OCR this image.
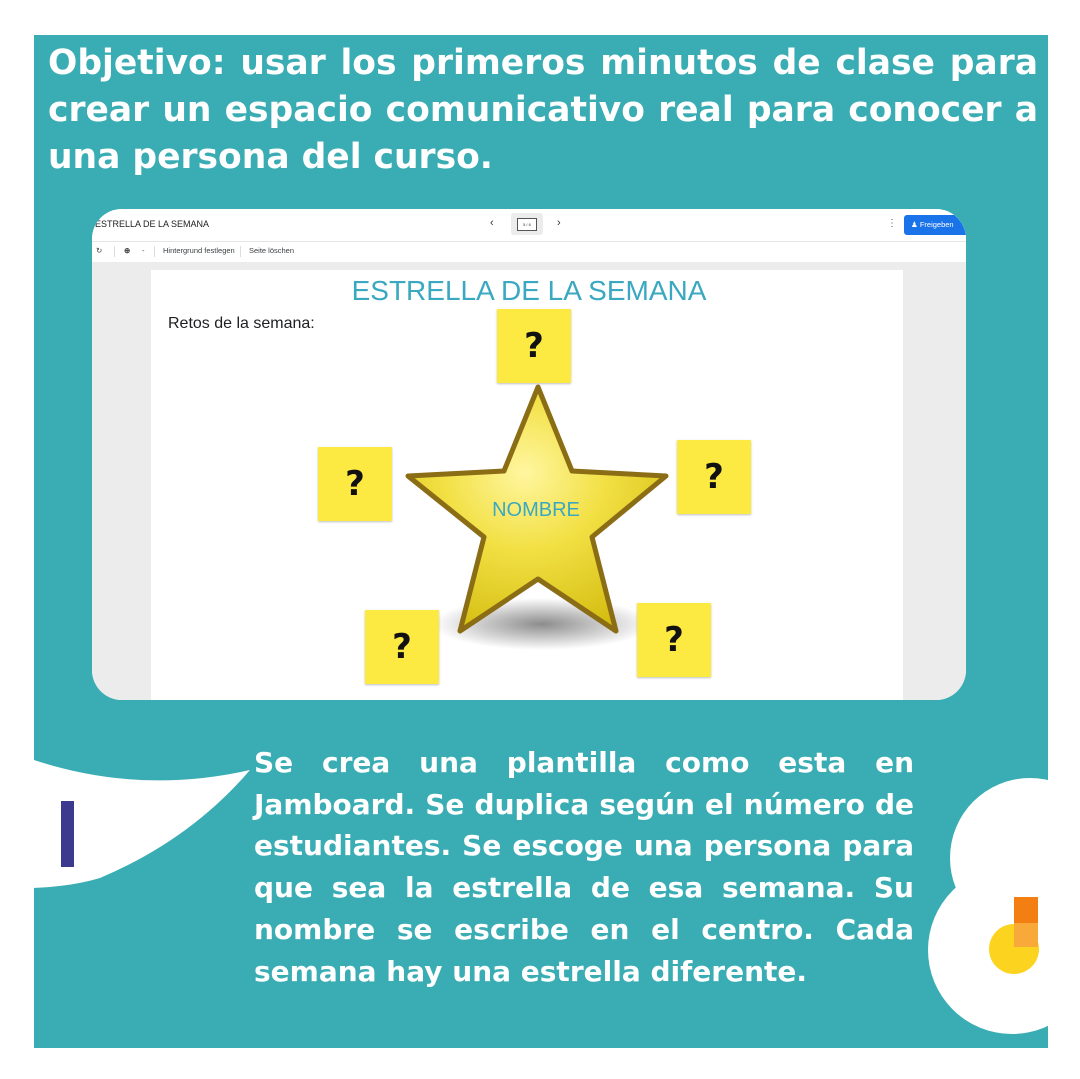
Objetivo: usar los primeros minutos de clase para crear un espacio comunicativo real para conocer a una persona del curso.
ESTRELLA DE LA SEMANA	‹	5 / 6	›	⋮	♟ Freigeben
↻	⊕ - Hintergrund festlegen Seite löschen
ESTRELLA DE LA SEMANA
Retos de la semana:
NOMBRE
?
?	?
?	?
Se crea una plantilla como esta en Jamboard. Se duplica según el número de estudiantes. Se escoge una persona para que sea la estrella de esa semana. Su nombre se escribe en el centro. Cada semana hay una estrella diferente.
